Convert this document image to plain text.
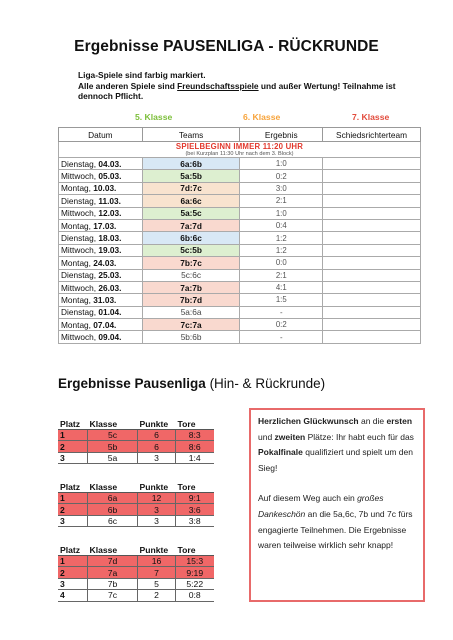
Ergebnisse PAUSENLIGA - RÜCKRUNDE
Liga-Spiele sind farbig markiert.
Alle anderen Spiele sind Freundschaftsspiele und außer Wertung! Teilnahme ist dennoch Pflicht.
5. Klasse	6. Klasse	7. Klasse
Datum	Teams	Ergebnis	Schiedsrichterteam

SPIELBEGINN IMMER 11:20 UHR
(bei Kurzplan 11:30 Uhr nach dem 3. Block)			

Dienstag, 04.03.	6a:6b	1:0	
Mittwoch, 05.03.	5a:5b	0:2	
Montag, 10.03.	7d:7c	3:0	
Dienstag, 11.03.	6a:6c	2:1	
Mittwoch, 12.03.	5a:5c	1:0	
Montag, 17.03.	7a:7d	0:4	
Dienstag, 18.03.	6b:6c	1:2	
Mittwoch, 19.03.	5c:5b	1:2	
Montag, 24.03.	7b:7c	0:0	
Dienstag, 25.03.	5c:6c	2:1	
Mittwoch, 26.03.	7a:7b	4:1	
Montag, 31.03.	7b:7d	1:5	
Dienstag, 01.04.	5a:6a	-	
Montag, 07.04.	7c:7a	0:2	
Mittwoch, 09.04.	5b:6b	-	
Ergebnisse Pausenliga (Hin- & Rückrunde)
Platz	Klasse	Punkte	Tore
1	5c	6	8:3
2	5b	6	8:6
3	5a	3	1:4
Platz	Klasse	Punkte	Tore
1	6a	12	9:1
2	6b	3	3:6
3	6c	3	3:8
Platz	Klasse	Punkte	Tore
1	7d	16	15:3
2	7a	7	9:19
3	7b	5	5:22
4	7c	2	0:8

Herzlichen Glückwunsch an die ersten und zweiten Plätze: Ihr habt euch für das Pokalfinale qualifiziert und spielt um den Sieg!

Auf diesem Weg auch ein großes Dankeschön an die 5a,6c, 7b und 7c fürs engagierte Teilnehmen. Die Ergebnisse waren teilweise wirklich sehr knapp!
